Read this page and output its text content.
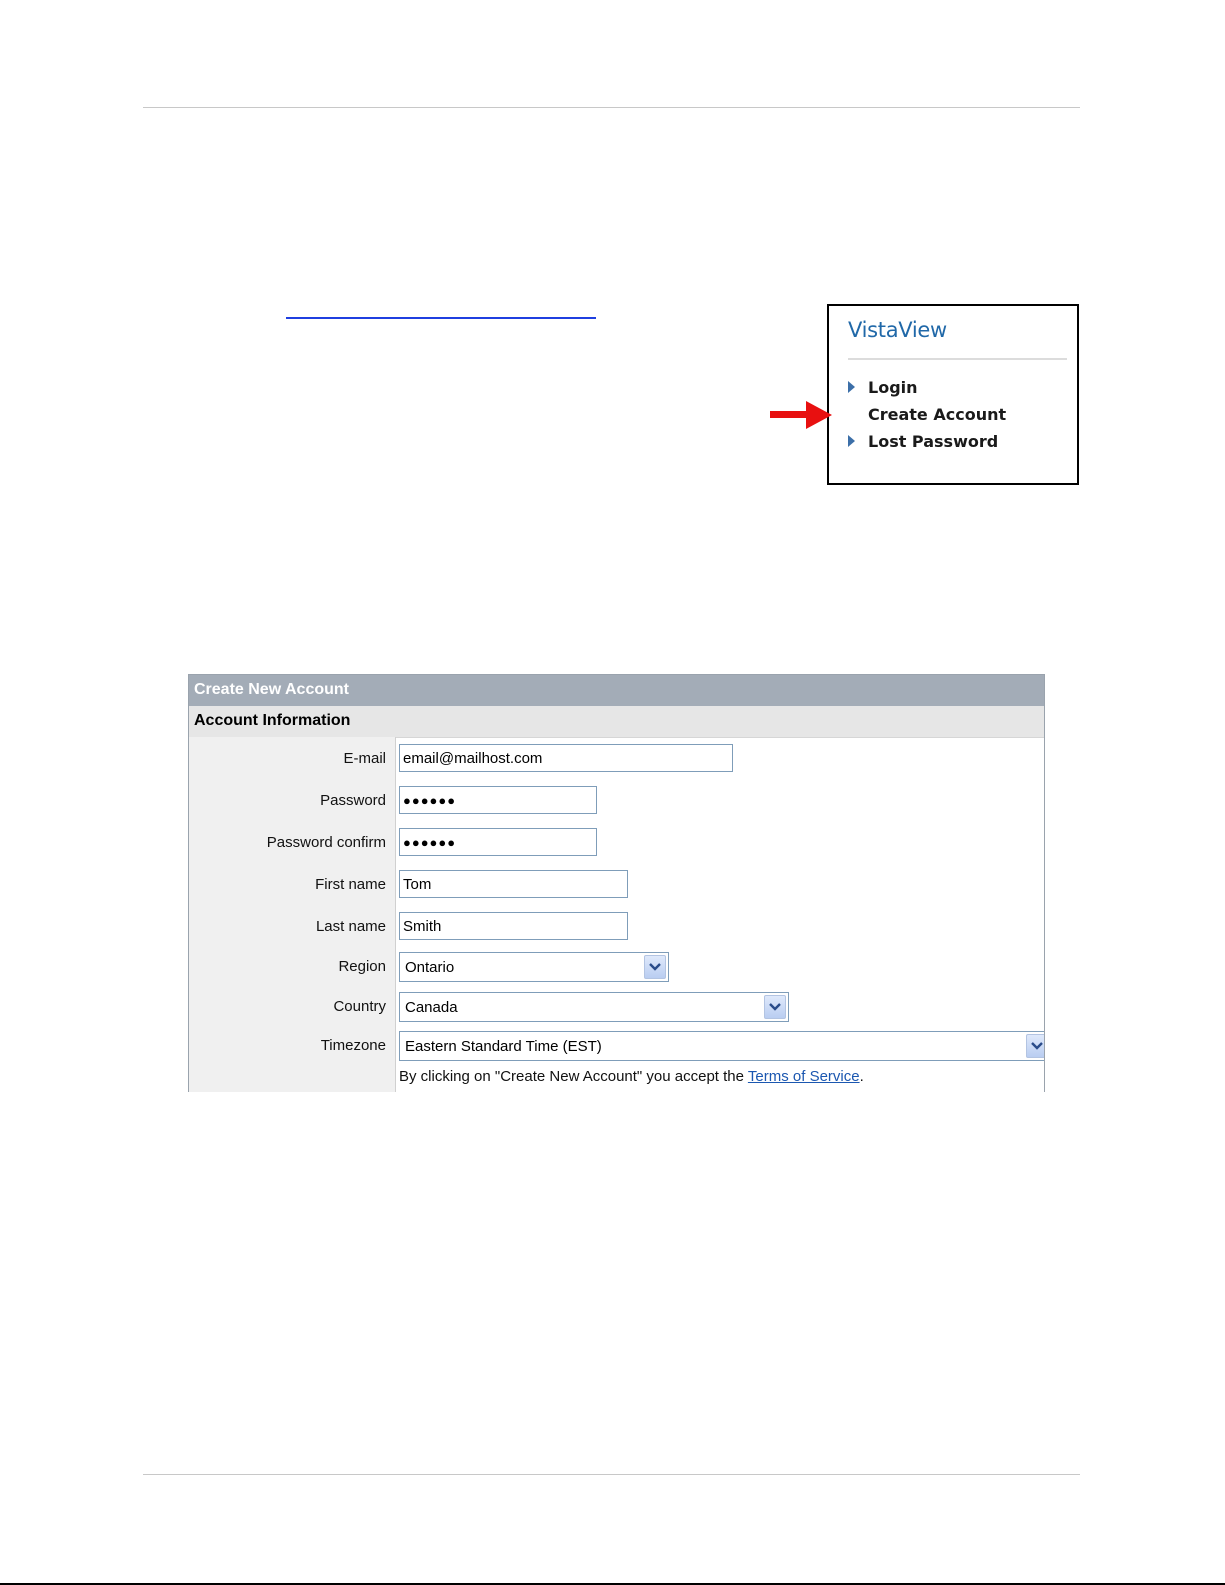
VistaView
Login
Create Account
Lost Password
Create New Account
Account Information
E-mail email@mailhost.com
Password	●●●●●●
Password confirm	●●●●●●
First name Tom
Last name Smith
Region Ontario
Country Canada
Timezone Eastern Standard Time (EST)
By clicking on "Create New Account" you accept the Terms of Service.
